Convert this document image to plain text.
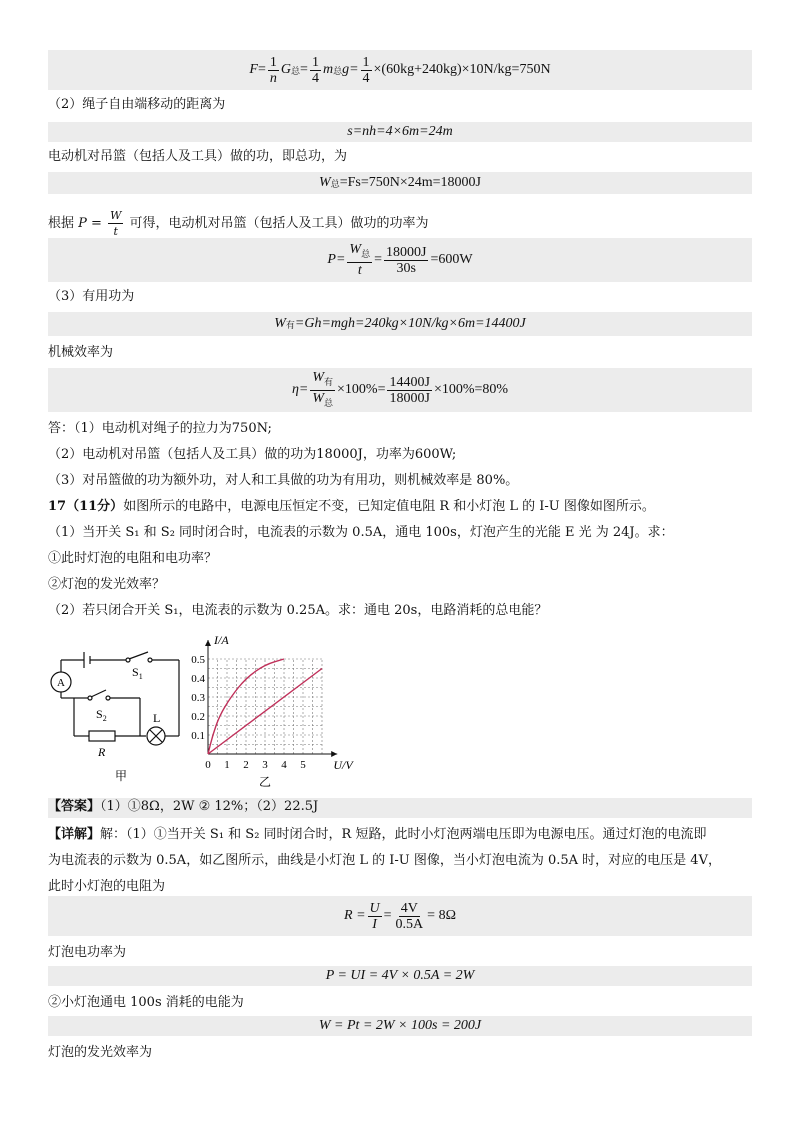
$F = \frac{1}{n}$ G 总 = $\frac{1}{4}$ m 总 $g= \frac{1}{4} \times(60kg+240kg)\times 10N/kg=750N$
（2）绳子自由端移动的距离为
s=nh=4×6m=24m
电动机对吊篮（包括人及工具）做的功，即总功，为
W 总 =Fs=750N×24m=18000J
根据 $P = \frac{W}{t}$ 可得，电动机对吊篮（包括人及工具）做功的功率为
$P= \frac{W_总}{t} = \frac{18000J}{30s} =600W$
（3）有用功为
W 有 =Gh=mgh=240kg×10N/kg×6m=14400J
机械效率为
$\eta= \frac{W_有}{W_总} \times 100\%= \frac{14400J}{18000J} \times 100\%=80\%$
答：（1）电动机对绳子的拉力为750N;
（2）电动机对吊篮（包括人及工具）做的功为18000J，功率为600W;
（3）对吊篮做的功为额外功，对人和工具做的功为有用功，则机械效率是 80%。
17（11分）如图所示的电路中，电源电压恒定不变，已知定值电阻 R 和小灯泡 L 的 I-U 图像如图所示。
（1）当开关 S₁ 和 S₂ 同时闭合时，电流表的示数为 0.5A，通电 100s，灯泡产生的光能 E 光 为 24J。求：
①此时灯泡的电阻和电功率？
②灯泡的发光效率？
（2）若只闭合开关 S₁，电流表的示数为 0.25A。求：通电 20s，电路消耗的总电能？
A
$S_1$
$S_2$	L
R
甲
0 1 2 3 4 5
0.1
0.2
0.3
0.4
0.5
I/A
U/V
乙
【答案】（1）①8Ω，2W ② 12%；（2）22.5J
【详解】解：（1）①当开关 S₁ 和 S₂ 同时闭合时，R 短路，此时小灯泡两端电压即为电源电压。通过灯泡的电流即
为电流表的示数为 0.5A，如乙图所示，曲线是小灯泡 L 的 I-U 图像，当小灯泡电流为 0.5A 时，对应的电压是 4V，
此时小灯泡的电阻为
$R = \frac{U}{I} = \frac{4V}{0.5A} = 8\Omega$
灯泡电功率为
P = UI = 4V × 0.5A = 2W
②小灯泡通电 100s 消耗的电能为
W = Pt = 2W × 100s = 200J
灯泡的发光效率为
